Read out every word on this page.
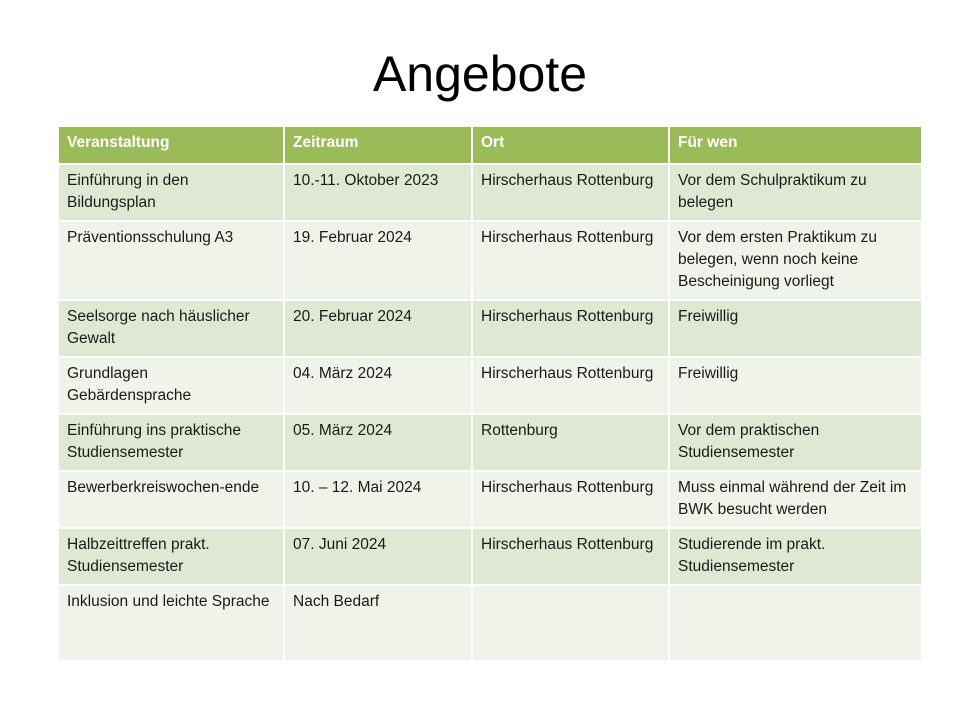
Angebote
Veranstaltung	Zeitraum	Ort	Für wen
Einführung in den Bildungsplan	10.-11. Oktober 2023	Hirscherhaus Rottenburg	Vor dem Schulpraktikum zu belegen
Präventionsschulung A3	19. Februar 2024	Hirscherhaus Rottenburg	Vor dem ersten Praktikum zu belegen, wenn noch keine Bescheinigung vorliegt
Seelsorge nach häuslicher Gewalt	20. Februar 2024	Hirscherhaus Rottenburg	Freiwillig
Grundlagen Gebärdensprache	04. März 2024	Hirscherhaus Rottenburg	Freiwillig
Einführung ins praktische Studiensemester	05. März 2024	Rottenburg	Vor dem praktischen Studiensemester
Bewerberkreiswochen-ende	10. – 12. Mai 2024	Hirscherhaus Rottenburg	Muss einmal während der Zeit im BWK besucht werden
Halbzeittreffen prakt. Studiensemester	07. Juni 2024	Hirscherhaus Rottenburg	Studierende im prakt. Studiensemester
Inklusion und leichte Sprache	Nach Bedarf		
